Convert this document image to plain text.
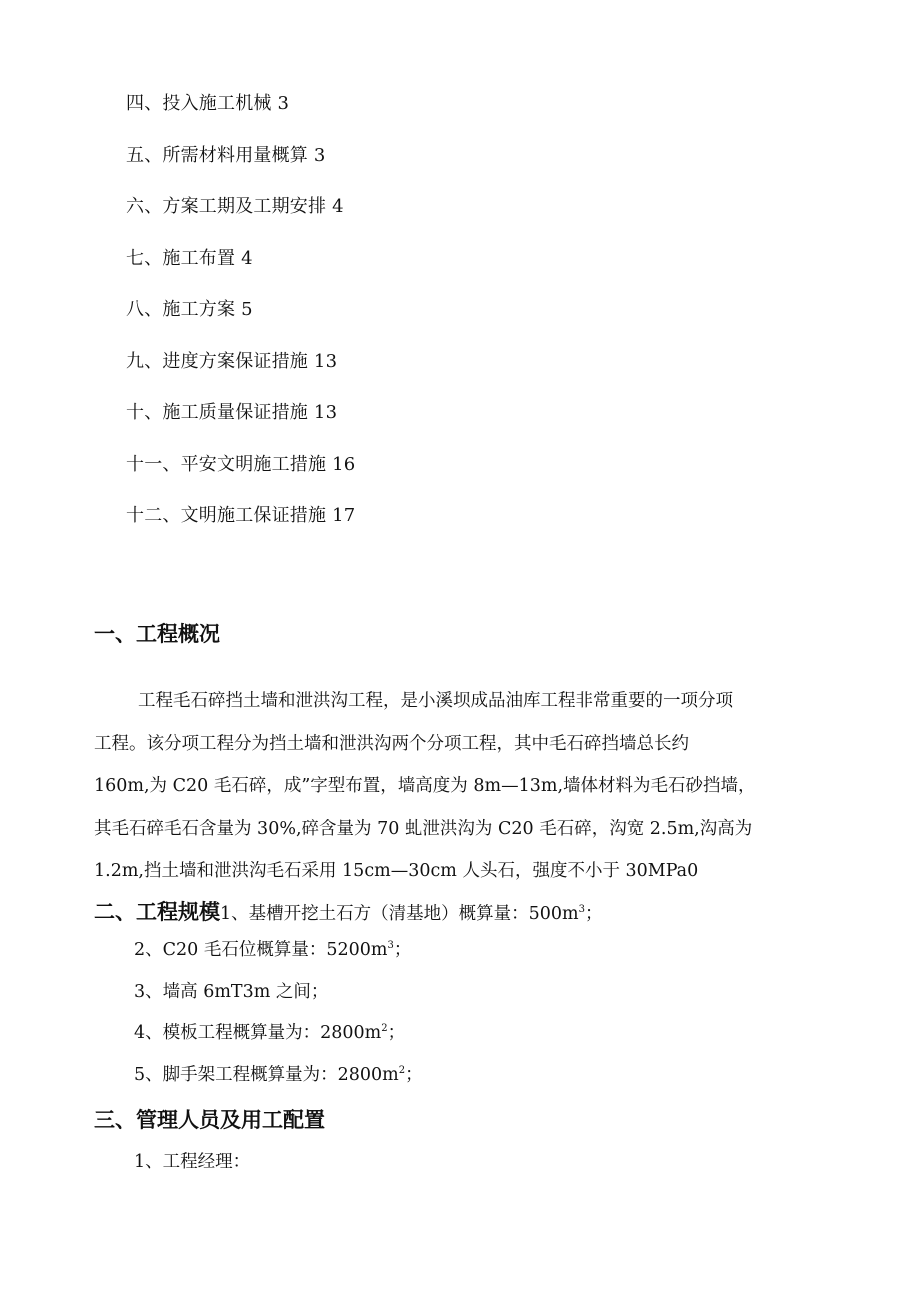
四、投入施工机械 3
五、所需材料用量概算 3
六、方案工期及工期安排 4
七、施工布置 4
八、施工方案 5
九、进度方案保证措施 13
十、施工质量保证措施 13
十一、平安文明施工措施 16
十二、文明施工保证措施 17
一、工程概况

工程毛石碎挡土墙和泄洪沟工程，是小溪坝成品油库工程非常重要的一项分项
工程。该分项工程分为挡土墙和泄洪沟两个分项工程，其中毛石碎挡墙总长约
160m,为 C20 毛石碎，成”字型布置，墙高度为 8m—13m,墙体材料为毛石砂挡墙，
其毛石碎毛石含量为 30%,碎含量为 70 虬泄洪沟为 C20 毛石碎，沟宽 2.5m,沟高为
1.2m,挡土墙和泄洪沟毛石采用 15cm—30cm 人头石，强度不小于 30MPa0

二、工程规模1、基槽开挖土石方（清基地）概算量：$500m^3$；
2、C20 毛石位概算量：$5200m^3$；
3、墙高 6mT3m 之间；
4、模板工程概算量为：$2800m^2$；
5、脚手架工程概算量为：$2800m^2$；
三、管理人员及用工配置
1、工程经理：
